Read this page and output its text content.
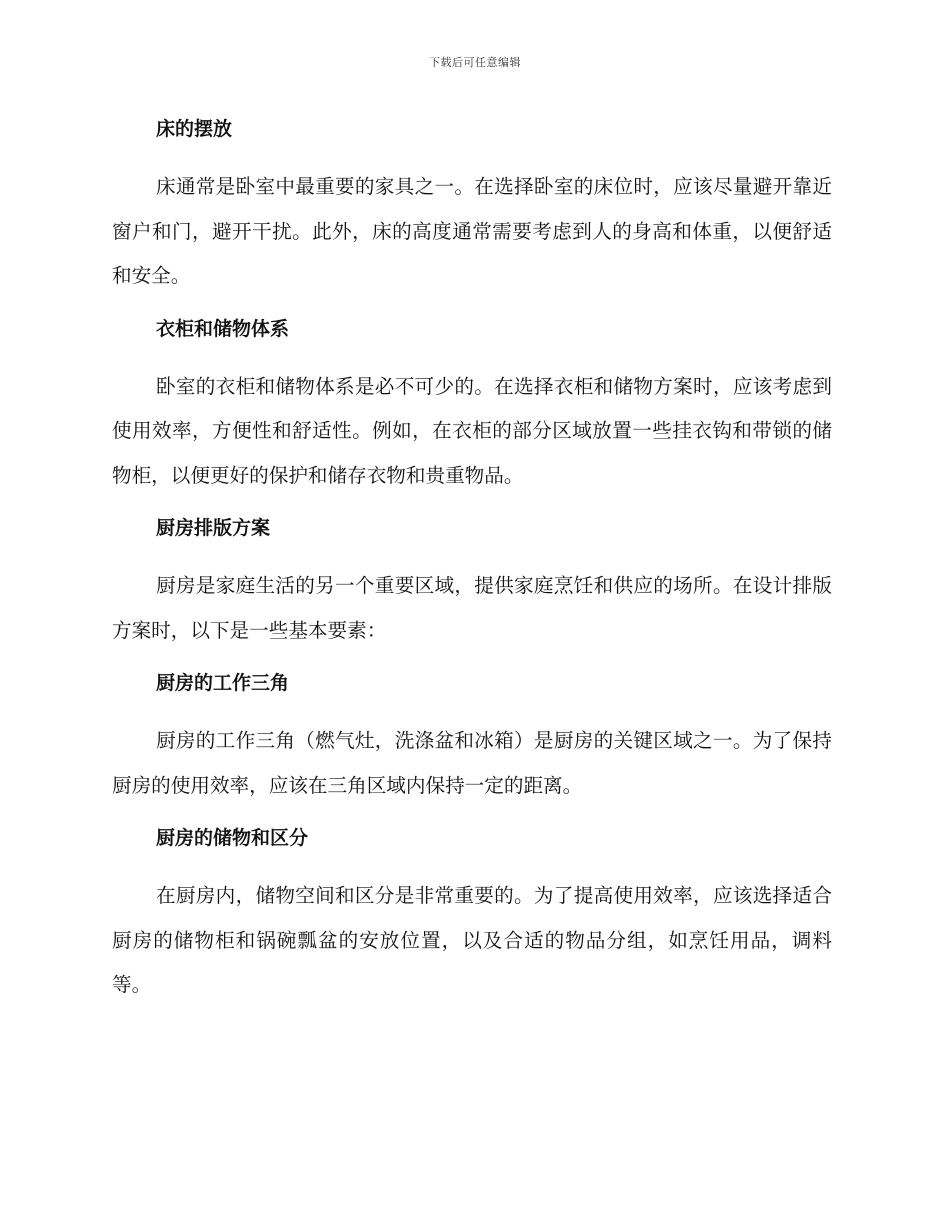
下载后可任意编辑
床的摆放

床通常是卧室中最重要的家具之一。在选择卧室的床位时，应该尽量避开靠近窗户和门，避开干扰。此外，床的高度通常需要考虑到人的身高和体重，以便舒适和安全。

衣柜和储物体系

卧室的衣柜和储物体系是必不可少的。在选择衣柜和储物方案时，应该考虑到使用效率，方便性和舒适性。例如，在衣柜的部分区域放置一些挂衣钩和带锁的储物柜，以便更好的保护和储存衣物和贵重物品。

厨房排版方案

厨房是家庭生活的另一个重要区域，提供家庭烹饪和供应的场所。在设计排版方案时，以下是一些基本要素：

厨房的工作三角

厨房的工作三角（燃气灶，洗涤盆和冰箱）是厨房的关键区域之一。为了保持厨房的使用效率，应该在三角区域内保持一定的距离。

厨房的储物和区分

在厨房内，储物空间和区分是非常重要的。为了提高使用效率，应该选择适合厨房的储物柜和锅碗瓢盆的安放位置，以及合适的物品分组，如烹饪用品，调料等。
